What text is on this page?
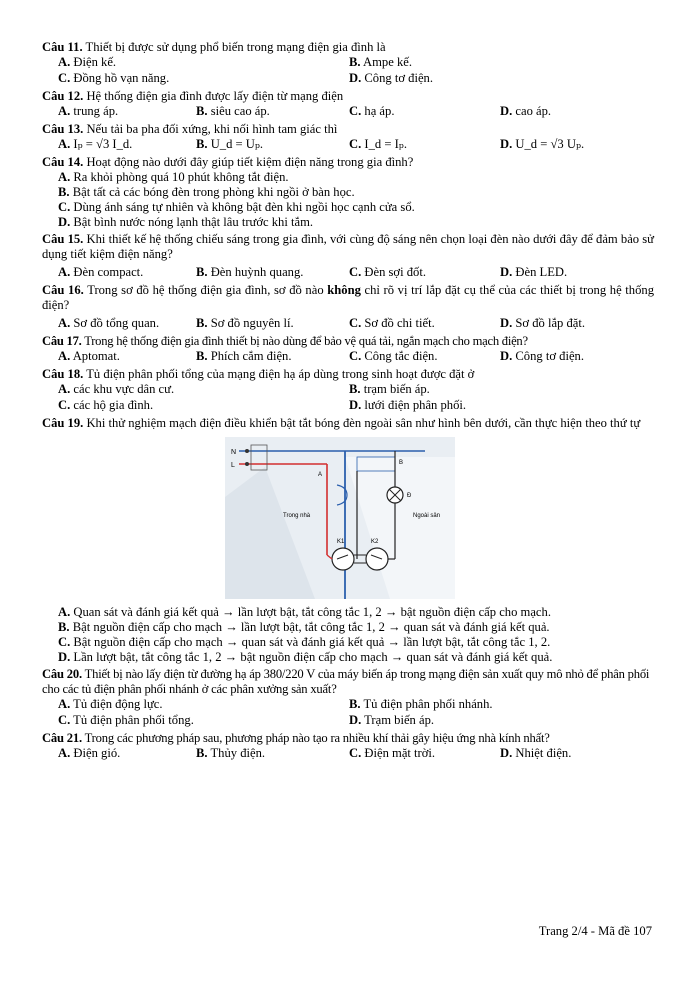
Câu 11. Thiết bị được sử dụng phổ biến trong mạng điện gia đình là

A. Điện kế.	B. Ampe kế.
C. Đồng hồ vạn năng.	D. Công tơ điện.

Câu 12. Hệ thống điện gia đình được lấy điện từ mạng điện

A. trung áp.	B. siêu cao áp.	C. hạ áp.	D. cao áp.

Câu 13. Nếu tải ba pha đối xứng, khi nối hình tam giác thì

A. Iₚ = √3 I_d.	B. U_d = Uₚ.	C. I_d = Iₚ.	D. U_d = √3 Uₚ.

Câu 14. Hoạt động nào dưới đây giúp tiết kiệm điện năng trong gia đình?

A. Ra khỏi phòng quá 10 phút không tắt điện.
B. Bật tất cả các bóng đèn trong phòng khi ngồi ở bàn học.
C. Dùng ánh sáng tự nhiên và không bật đèn khi ngồi học cạnh cửa sổ.
D. Bật bình nước nóng lạnh thật lâu trước khi tắm.

Câu 15. Khi thiết kế hệ thống chiếu sáng trong gia đình, với cùng độ sáng nên chọn loại đèn nào dưới đây để đảm bảo sử dụng tiết kiệm điện năng?

A. Đèn compact.	B. Đèn huỳnh quang.	C. Đèn sợi đốt.	D. Đèn LED.

Câu 16. Trong sơ đồ hệ thống điện gia đình, sơ đồ nào không chỉ rõ vị trí lắp đặt cụ thể của các thiết bị trong hệ thống điện?

A. Sơ đồ tổng quan.	B. Sơ đồ nguyên lí.	C. Sơ đồ chi tiết.	D. Sơ đồ lắp đặt.

Câu 17. Trong hệ thống điện gia đình thiết bị nào dùng để bảo vệ quá tải, ngắn mạch cho mạch điện?

A. Aptomat.	B. Phích cắm điện.	C. Công tắc điện.	D. Công tơ điện.

Câu 18. Tủ điện phân phối tổng của mạng điện hạ áp dùng trong sinh hoạt được đặt ở

A. các khu vực dân cư.	B. trạm biến áp.
C. các hộ gia đình.	D. lưới điện phân phối.

Câu 19. Khi thử nghiệm mạch điện điều khiển bật tắt bóng đèn ngoài sân như hình bên dưới, cần thực hiện theo thứ tự

N
L
A
B
Đ
Trong nhà	Ngoài sân
K1	K2
A. Quan sát và đánh giá kết quả → lần lượt bật, tắt công tắc 1, 2 → bật nguồn điện cấp cho mạch.
B. Bật nguồn điện cấp cho mạch → lần lượt bật, tắt công tắc 1, 2 → quan sát và đánh giá kết quả.
C. Bật nguồn điện cấp cho mạch → quan sát và đánh giá kết quả → lần lượt bật, tắt công tắc 1, 2.
D. Lần lượt bật, tắt công tắc 1, 2 → bật nguồn điện cấp cho mạch → quan sát và đánh giá kết quả.

Câu 20. Thiết bị nào lấy điện từ đường hạ áp 380/220 V của máy biến áp trong mạng điện sản xuất quy mô nhỏ để phân phối cho các tủ điện phân phối nhánh ở các phân xưởng sản xuất?

A. Tủ điện động lực.	B. Tủ điện phân phối nhánh.
C. Tủ điện phân phối tổng.	D. Trạm biến áp.

Câu 21. Trong các phương pháp sau, phương pháp nào tạo ra nhiều khí thải gây hiệu ứng nhà kính nhất?

A. Điện gió.	B. Thủy điện.	C. Điện mặt trời.	D. Nhiệt điện.
Trang 2/4 - Mã đề 107
